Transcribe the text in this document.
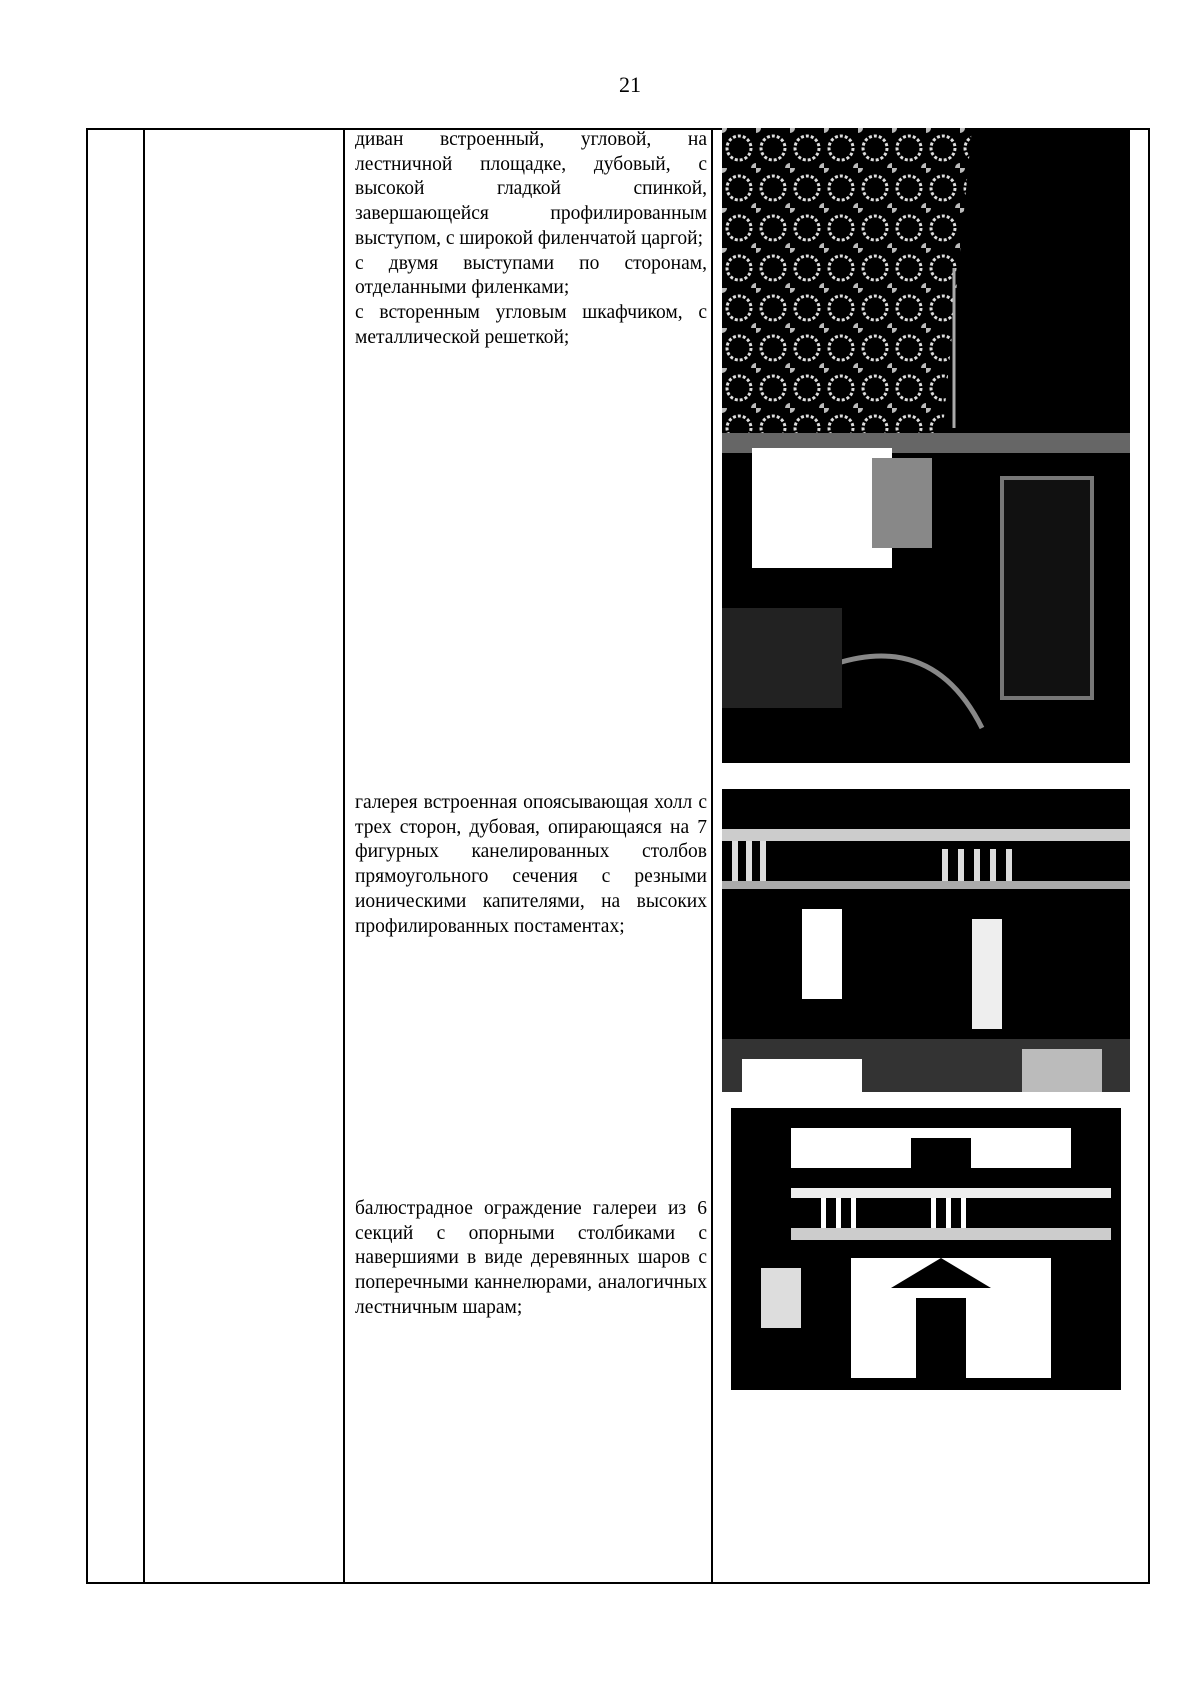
21

диван встроенный, угловой, на лестничной площадке, дубовый, с высокой гладкой спинкой, завершающейся профилированным выступом, с широкой филенчатой царгой;

с двумя выступами по сторонам, отделанными филенками;

с всторенным угловым шкафчиком, с металлической решеткой;

галерея встроенная опоясывающая холл с трех сторон, дубовая, опирающаяся на 7 фигурных канелированных столбов прямоугольного сечения с резными ионическими капителями, на высоких профилированных постаментах;

балюстрадное ограждение галереи из 6 секций с опорными столбиками с навершиями в виде деревянных шаров с поперечными каннелюрами, аналогичных лестничным шарам;
